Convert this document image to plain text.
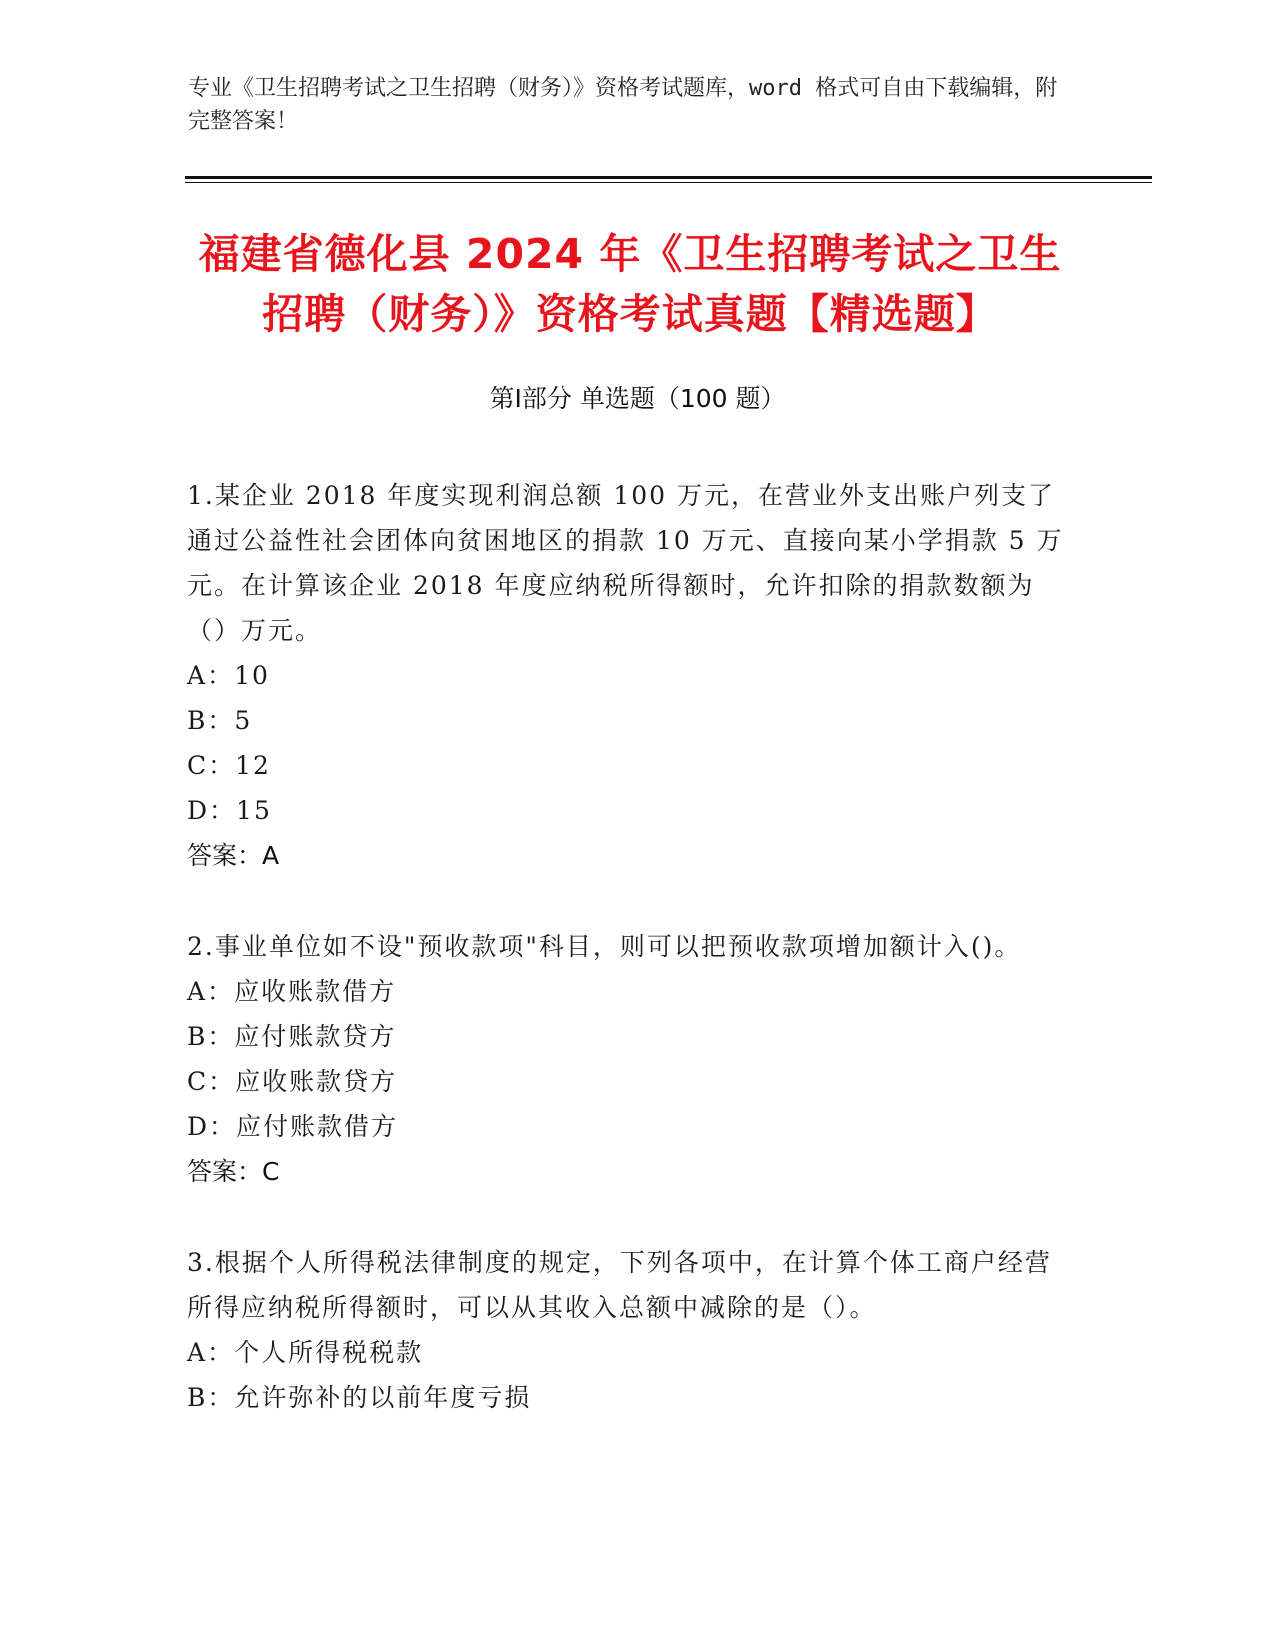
专业《卫生招聘考试之卫生招聘（财务）》资格考试题库，word 格式可自由下载编辑，附完整答案！
福建省德化县 2024 年《卫生招聘考试之卫生招聘（财务）》资格考试真题【精选题】
第Ⅰ部分 单选题（100 题）
1.某企业 2018 年度实现利润总额 100 万元，在营业外支出账户列支了通过公益性社会团体向贫困地区的捐款 10 万元、直接向某小学捐款 5 万元。在计算该企业 2018 年度应纳税所得额时，允许扣除的捐款数额为（）万元。
A：10
B：5
C：12
D：15
答案：A
2.事业单位如不设"预收款项"科目，则可以把预收款项增加额计入()。
A：应收账款借方
B：应付账款贷方
C：应收账款贷方
D：应付账款借方
答案：C
3.根据个人所得税法律制度的规定，下列各项中，在计算个体工商户经营所得应纳税所得额时，可以从其收入总额中减除的是（）。
A：个人所得税税款
B：允许弥补的以前年度亏损
